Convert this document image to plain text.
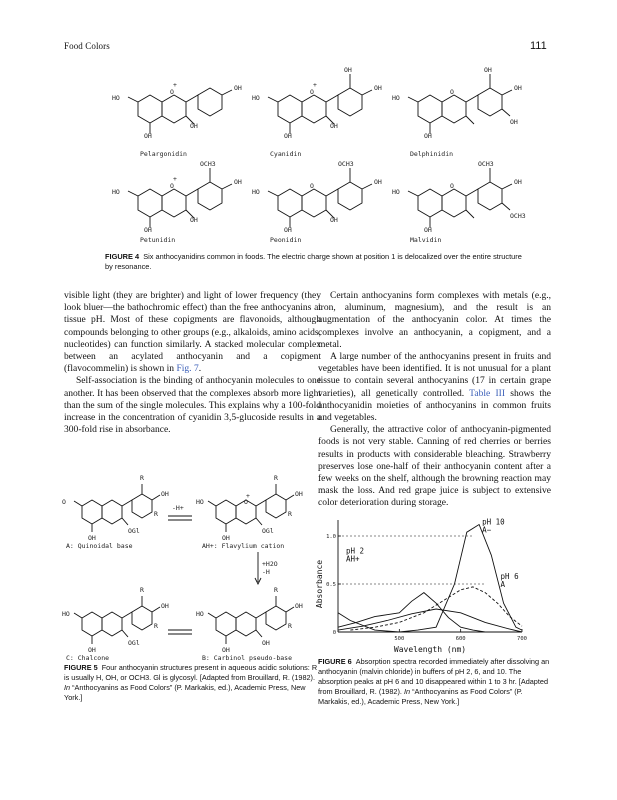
Food Colors	111
HO
OH
OH
OH
O
+
Pelargonidin
OH
HO
OH
OH
OH
O
+
Cyanidin
OH
HO
OH
OH
OH
O
Delphinidin
OCH3
HO
OH
OH
OH
O
+
Petunidin
OCH3
HO
OH
OH
OH
O
Peonidin
OCH3
HO
OCH3
OH
OH
O
Malvidin
FIGURE 4 Six anthocyanidins common in foods. The electric charge shown at position 1 is delocalized over the entire structure by resonance.

visible light (they are brighter) and light of lower frequency (they look bluer—the bathochromic effect) than the free anthocyanins at tissue pH. Most of these copigments are flavonoids, although compounds belonging to other groups (e.g., alkaloids, amino acids, nucleotides) can function similarly. A stacked molecular complex between an acylated anthocyanin and a copigment (flavocommelin) is shown in Fig. 7.

Self-association is the binding of anthocyanin molecules to one another. It has been observed that the complexes absorb more light than the sum of the single molecules. This explains why a 100-fold increase in the concentration of cyanidin 3,5-glucoside results in a 300-fold rise in absorbance.

Certain anthocyanins form complexes with metals (e.g., iron, aluminum, magnesium), and the result is an augmentation of the anthocyanin color. At times the complexes involve an anthocyanin, a copigment, and a metal.

A large number of the anthocyanins present in fruits and vegetables have been identified. It is not unusual for a plant tissue to contain several anthocyanins (17 in certain grape varieties), all genetically controlled. Table III shows the anthocyanidin moieties of anthocyanins in common fruits and vegetables.

Generally, the attractive color of anthocyanin-pigmented foods is not very stable. Canning of red cherries or berries results in products with considerable bleaching. Strawberry preserves lose one-half of their anthocyanin content after a few weeks on the shelf, although the browning reaction may mask the loss. And red grape juice is subject to extensive color deterioration during storage.

O
R
OH
R
OGl
OH
A: Quinoidal base
-H+
HO
R
OH
R
OGl
OH
O
+
AH+: Flavylium cation
+H2O
-H
HO
R
OH
R
OGl
OH
C: Chalcone
HO
R
OH
R
OH
OH
B: Carbinol pseudo-base
FIGURE 5 Four anthocyanin structures present in aqueous acidic solutions: R is usually H, OH, or OCH3. Gl is glycosyl. [Adapted from Brouillard, R. (1982). In “Anthocyanins as Food Colors” (P. Markakis, ed.), Academic Press, New York.]
500	600	700
0
0.5
1.0
Wavelength (nm)
Absorbance
pH 2
AH+
pH 6
A
pH 10
A−
FIGURE 6 Absorption spectra recorded immediately after dissolving an anthocyanin (malvin chloride) in buffers of pH 2, 6, and 10. The absorption peaks at pH 6 and 10 disappeared within 1 to 3 hr. [Adapted from Brouillard, R. (1982). In “Anthocyanins as Food Colors” (P. Markakis, ed.), Academic Press, New York.]
